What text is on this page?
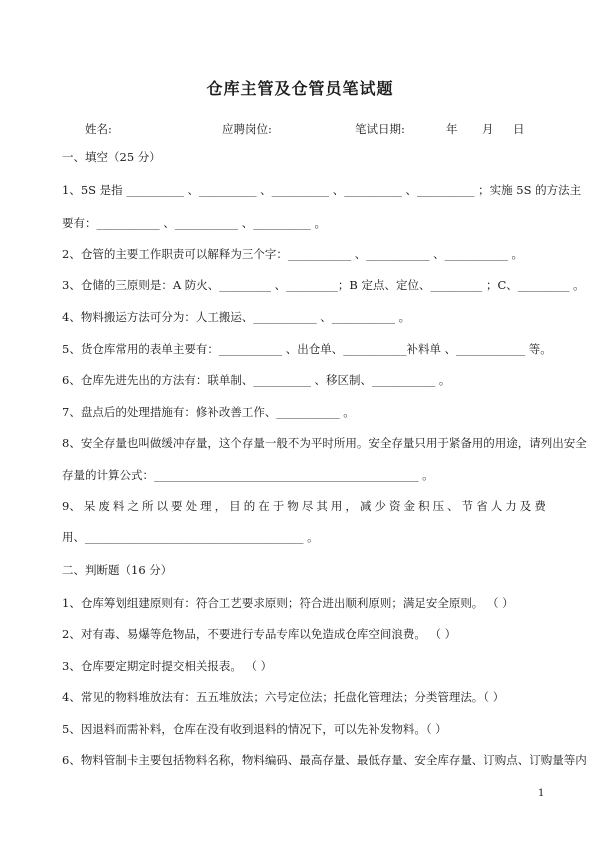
仓库主管及仓管员笔试题
姓名:	应聘岗位:	笔试日期:	年 月 日
一、填空（25 分）
1、5S 是指 __________ 、__________ 、__________ 、__________ 、__________ ；实施 5S 的方法主
要有：___________ 、___________ 、__________ 。
2、仓管的主要工作职责可以解释为三个字：___________ 、___________ 、___________ 。
3、仓储的三原则是：A 防火、_________ 、_________；B 定点、定位、_________ ；C、_________ 。
4、物料搬运方法可分为：人工搬运、___________ 、___________ 。
5、货仓库常用的表单主要有：___________ 、出仓单、___________补料单 、____________ 等。
6、仓库先进先出的方法有：联单制、__________ 、移区制、___________ 。
7、盘点后的处理措施有：修补改善工作、___________ 。
8、安全存量也叫做缓冲存量，这个存量一般不为平时所用。安全存量只用于紧备用的用途，请列出安全
存量的计算公式：______________________________________________ 。
9、 呆 废 料 之 所 以 要 处 理 ， 目 的 在 于 物 尽 其 用 ， 减 少 资 金 积 压 、 节 省 人 力 及 费
用、______________________________________ 。
二、判断题（16 分）
1、仓库筹划组建原则有：符合工艺要求原则；符合进出顺利原则；满足安全原则。 （ ）
2、对有毒、易爆等危物品，不要进行专品专库以免造成仓库空间浪费。 （ ）
3、仓库要定期定时提交相关报表。 （ ）
4、常见的物料堆放法有：五五堆放法；六号定位法；托盘化管理法；分类管理法。（ ）
5、因退料而需补料，仓库在没有收到退料的情况下，可以先补发物料。（ ）
6、物料管制卡主要包括物料名称，物料编码、最高存量、最低存量、安全库存量、订购点、订购量等内
1
